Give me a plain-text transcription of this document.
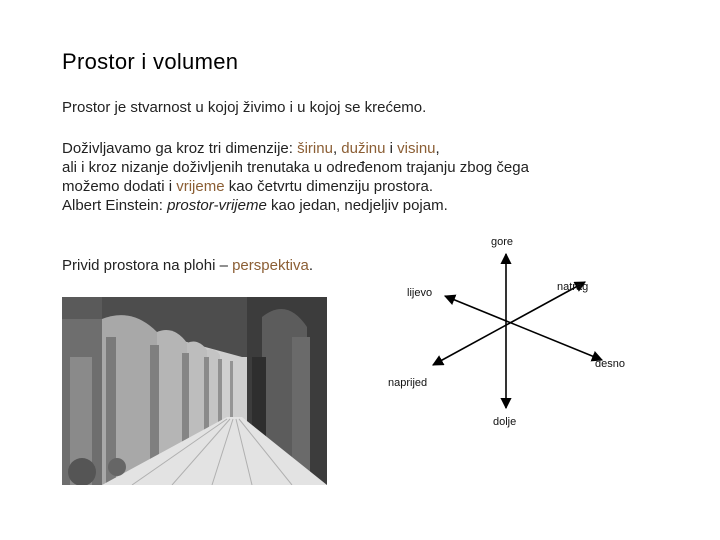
Prostor i volumen

Prostor je stvarnost u kojoj živimo i u kojoj se krećemo.

Doživljavamo ga kroz tri dimenzije: širinu, dužinu i visinu,
ali i kroz nizanje doživljenih trenutaka u određenom trajanju zbog čega
možemo dodati i vrijeme kao četvrtu dimenziju prostora.
Albert Einstein: prostor-vrijeme kao jedan, nedjeljiv pojam.

Privid prostora na plohi – perspektiva.

gore
natrag
lijevo
desno
naprijed
dolje
